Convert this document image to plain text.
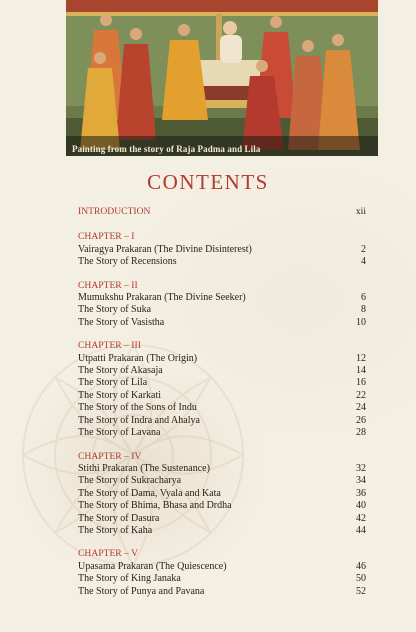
Painting from the story of Raja Padma and Lila
CONTENTS
INTRODUCTION	xii
CHAPTER – I
Vairagya Prakaran (The Divine Disinterest)	2
The Story of Recensions	4
CHAPTER – II
Mumukshu Prakaran (The Divine Seeker)	6
The Story of Suka	8
The Story of Vasistha	10
CHAPTER – III
Utpatti Prakaran (The Origin)	12
The Story of Akasaja	14
The Story of Lila	16
The Story of Karkati	22
The Story of the Sons of Indu	24
The Story of Indra and Ahalya	26
The Story of Lavana	28
CHAPTER – IV
Stithi Prakaran (The Sustenance)	32
The Story of Sukracharya	34
The Story of Dama, Vyala and Kata	36
The Story of Bhima, Bhasa and Drdha	40
The Story of Dasura	42
The Story of Kaha	44
CHAPTER – V
Upasama Prakaran (The Quiescence)	46
The Story of King Janaka	50
The Story of Punya and Pavana	52
